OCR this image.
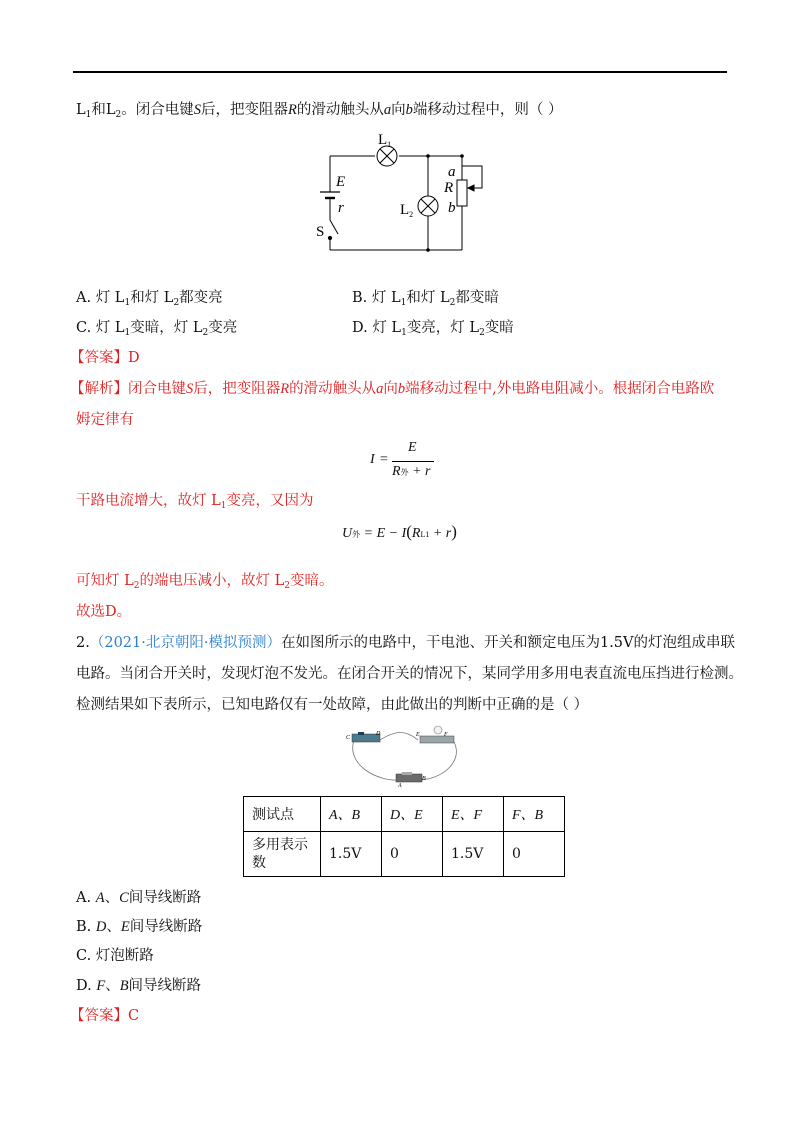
$L_1$和$L_2$。闭合电键S后，把变阻器R的滑动触头从a向b端移动过程中，则（ ）
$L_1$
$L_2$
E
r
S
a
R
b
A. 灯 $L_1$和灯 $L_2$都变亮	B. 灯 $L_1$和灯 $L_2$都变暗
C. 灯 $L_1$变暗，灯 $L_2$变亮	D. 灯 $L_1$变亮，灯 $L_2$变暗
【答案】D
【解析】闭合电键S后，把变阻器R的滑动触头从a向b端移动过程中,外电路电阻减小。根据闭合电路欧
姆定律有
I =
E
R外 + r
干路电流增大，故灯 $L_1$变亮，又因为
U外 = E − I(RL1 + r)
可知灯 $L_2$的端电压减小，故灯 $L_2$变暗。
故选D。
2.（2021·北京朝阳·模拟预测）在如图所示的电路中，干电池、开关和额定电压为1.5V的灯泡组成串联
电路。当闭合开关时，发现灯泡不发光。在闭合开关的情况下，某同学用多用电表直流电压挡进行检测。
检测结果如下表所示，已知电路仅有一处故障，由此做出的判断中正确的是（ ）
C
D	E	F
A
B
测试点	A、B	D、E	E、F	F、B
多用表示
数	1.5V	0	1.5V	0
A. A、C间导线断路
B. D、E间导线断路
C. 灯泡断路
D. F、B间导线断路
【答案】C
